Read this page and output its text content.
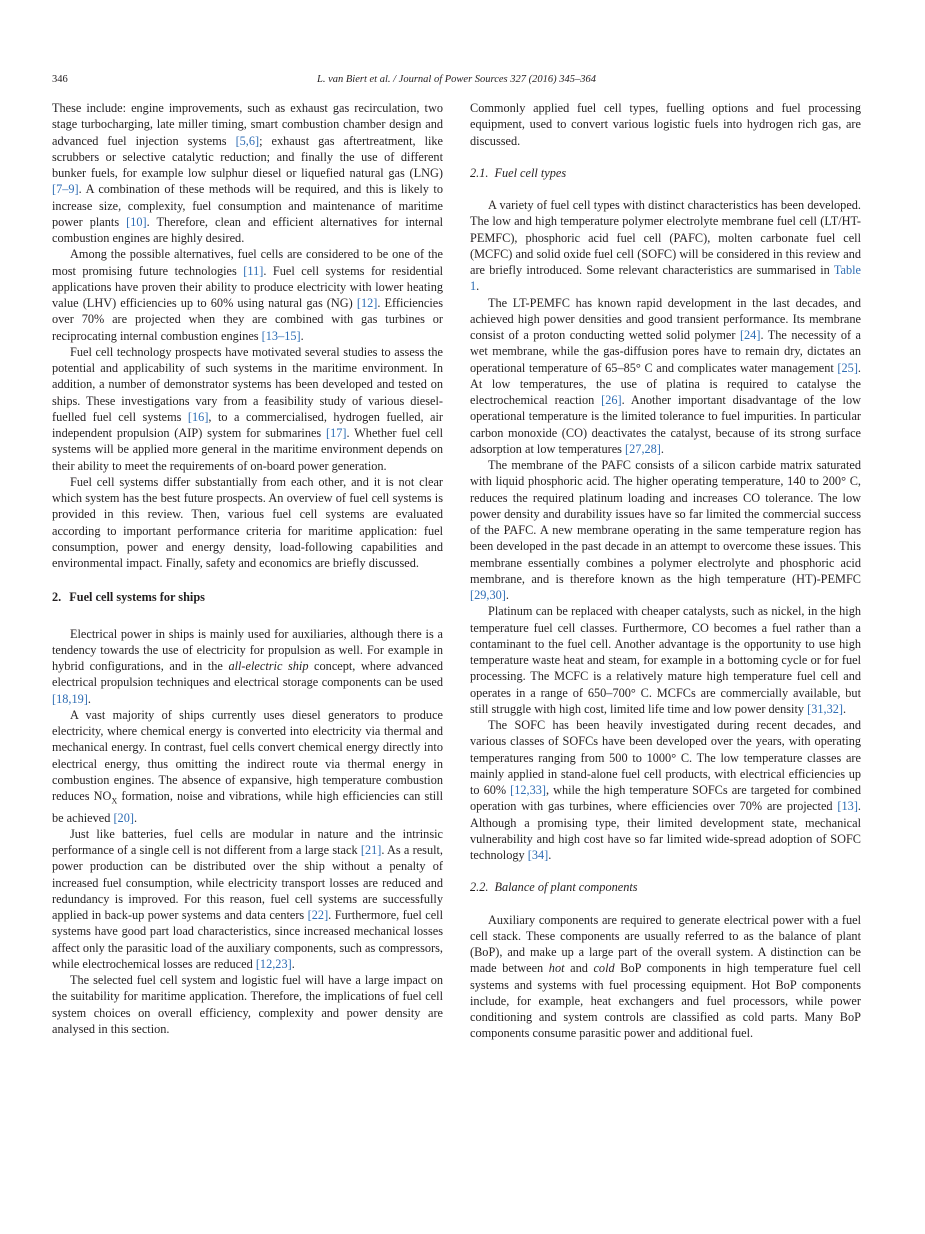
346	L. van Biert et al. / Journal of Power Sources 327 (2016) 345–364

These include: engine improvements, such as exhaust gas recirculation, two stage turbocharging, late miller timing, smart combustion chamber design and advanced fuel injection systems [5,6]; exhaust gas aftertreatment, like scrubbers or selective catalytic reduction; and finally the use of different bunker fuels, for example low sulphur diesel or liquefied natural gas (LNG) [7–9]. A combination of these methods will be required, and this is likely to increase size, complexity, fuel consumption and maintenance of maritime power plants [10]. Therefore, clean and efficient alternatives for internal combustion engines are highly desired.

Among the possible alternatives, fuel cells are considered to be one of the most promising future technologies [11]. Fuel cell systems for residential applications have proven their ability to produce electricity with lower heating value (LHV) efficiencies up to 60% using natural gas (NG) [12]. Efficiencies over 70% are projected when they are combined with gas turbines or reciprocating internal combustion engines [13–15].

Fuel cell technology prospects have motivated several studies to assess the potential and applicability of such systems in the maritime environment. In addition, a number of demonstrator systems has been developed and tested on ships. These investigations vary from a feasibility study of various diesel-fuelled fuel cell systems [16], to a commercialised, hydrogen fuelled, air independent propulsion (AIP) system for submarines [17]. Whether fuel cell systems will be applied more general in the maritime environment depends on their ability to meet the requirements of on-board power generation.

Fuel cell systems differ substantially from each other, and it is not clear which system has the best future prospects. An overview of fuel cell systems is provided in this review. Then, various fuel cell systems are evaluated according to important performance criteria for maritime application: fuel consumption, power and energy density, load-following capabilities and environmental impact. Finally, safety and economics are briefly discussed.

2. Fuel cell systems for ships

Electrical power in ships is mainly used for auxiliaries, although there is a tendency towards the use of electricity for propulsion as well. For example in hybrid configurations, and in the all-electric ship concept, where advanced electrical propulsion techniques and electrical storage components can be used [18,19].

A vast majority of ships currently uses diesel generators to produce electricity, where chemical energy is converted into electricity via thermal and mechanical energy. In contrast, fuel cells convert chemical energy directly into electrical energy, thus omitting the indirect route via thermal energy in combustion engines. The absence of expansive, high temperature combustion reduces $NO_X$ formation, noise and vibrations, while high efficiencies can still be achieved [20].

Just like batteries, fuel cells are modular in nature and the intrinsic performance of a single cell is not different from a large stack [21]. As a result, power production can be distributed over the ship without a penalty of increased fuel consumption, while electricity transport losses are reduced and redundancy is improved. For this reason, fuel cell systems are successfully applied in back-up power systems and data centers [22]. Furthermore, fuel cell systems have good part load characteristics, since increased mechanical losses affect only the parasitic load of the auxiliary components, such as compressors, while electrochemical losses are reduced [12,23].

The selected fuel cell system and logistic fuel will have a large impact on the suitability for maritime application. Therefore, the implications of fuel cell system choices on overall efficiency, complexity and power density are analysed in this section.

Commonly applied fuel cell types, fuelling options and fuel processing equipment, used to convert various logistic fuels into hydrogen rich gas, are discussed.

2.1. Fuel cell types

A variety of fuel cell types with distinct characteristics has been developed. The low and high temperature polymer electrolyte membrane fuel cell (LT/HT-PEMFC), phosphoric acid fuel cell (PAFC), molten carbonate fuel cell (MCFC) and solid oxide fuel cell (SOFC) will be considered in this review and are briefly introduced. Some relevant characteristics are summarised in Table 1.

The LT-PEMFC has known rapid development in the last decades, and achieved high power densities and good transient performance. Its membrane consist of a proton conducting wetted solid polymer [24]. The necessity of a wet membrane, while the gas-diffusion pores have to remain dry, dictates an operational temperature of 65–85° C and complicates water management [25]. At low temperatures, the use of platina is required to catalyse the electrochemical reaction [26]. Another important disadvantage of the low operational temperature is the limited tolerance to fuel impurities. In particular carbon monoxide (CO) deactivates the catalyst, because of its strong surface adsorption at low temperatures [27,28].

The membrane of the PAFC consists of a silicon carbide matrix saturated with liquid phosphoric acid. The higher operating temperature, 140 to 200° C, reduces the required platinum loading and increases CO tolerance. The low power density and durability issues have so far limited the commercial success of the PAFC. A new membrane operating in the same temperature region has been developed in the past decade in an attempt to overcome these issues. This membrane essentially combines a polymer electrolyte and phosphoric acid membrane, and is therefore known as the high temperature (HT)-PEMFC [29,30].

Platinum can be replaced with cheaper catalysts, such as nickel, in the high temperature fuel cell classes. Furthermore, CO becomes a fuel rather than a contaminant to the fuel cell. Another advantage is the opportunity to use high temperature waste heat and steam, for example in a bottoming cycle or for fuel processing. The MCFC is a relatively mature high temperature fuel cell and operates in a range of 650–700° C. MCFCs are commercially available, but still struggle with high cost, limited life time and low power density [31,32].

The SOFC has been heavily investigated during recent decades, and various classes of SOFCs have been developed over the years, with operating temperatures ranging from 500 to 1000° C. The low temperature classes are mainly applied in stand-alone fuel cell products, with electrical efficiencies up to 60% [12,33], while the high temperature SOFCs are targeted for combined operation with gas turbines, where efficiencies over 70% are projected [13]. Although a promising type, their limited development state, mechanical vulnerability and high cost have so far limited wide-spread adoption of SOFC technology [34].

2.2. Balance of plant components

Auxiliary components are required to generate electrical power with a fuel cell stack. These components are usually referred to as the balance of plant (BoP), and make up a large part of the overall system. A distinction can be made between hot and cold BoP components in high temperature fuel cell systems and systems with fuel processing equipment. Hot BoP components include, for example, heat exchangers and fuel processors, while power conditioning and system controls are classified as cold parts. Many BoP components consume parasitic power and additional fuel.
